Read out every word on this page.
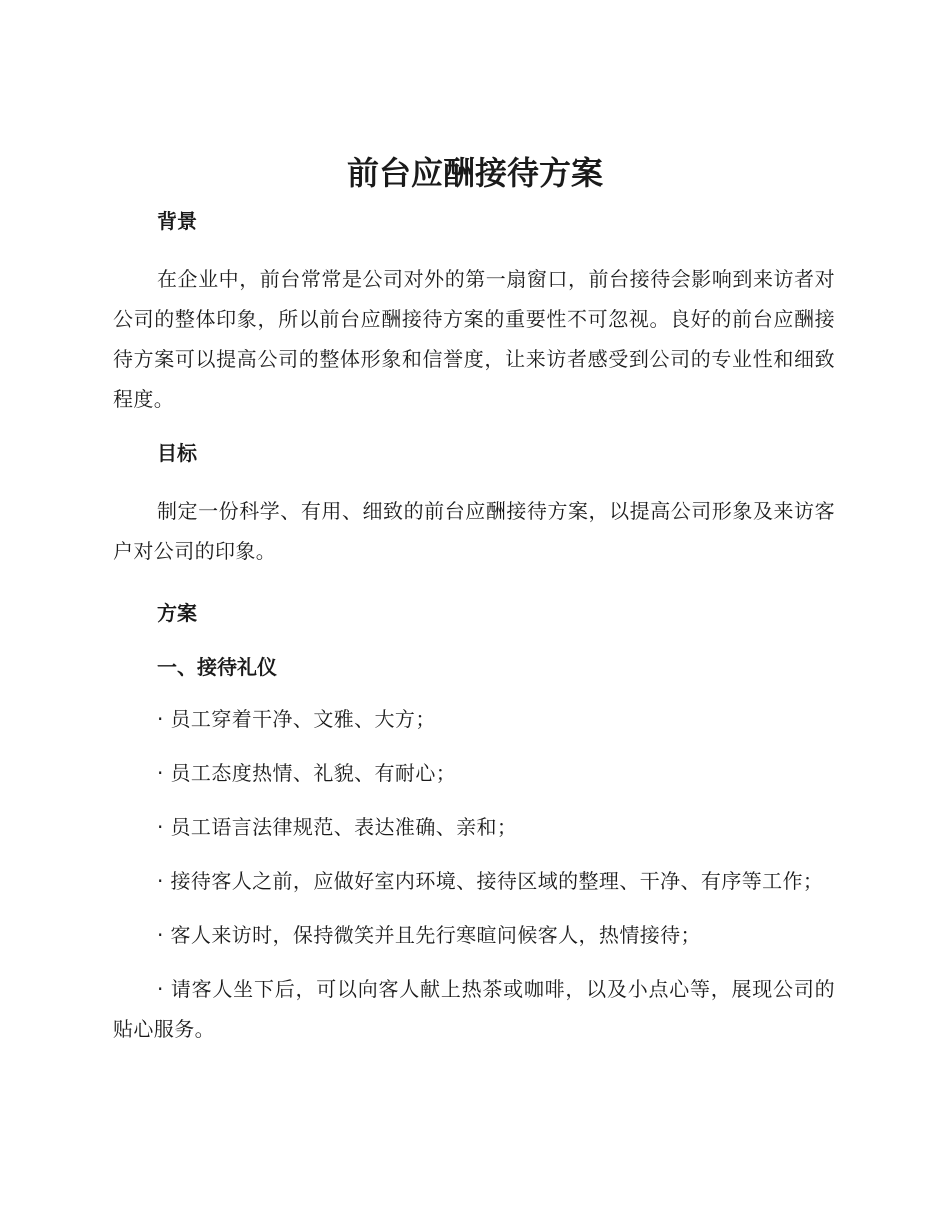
前台应酬接待方案
背景

在企业中，前台常常是公司对外的第一扇窗口，前台接待会影响到来访者对公司的整体印象，所以前台应酬接待方案的重要性不可忽视。良好的前台应酬接待方案可以提高公司的整体形象和信誉度，让来访者感受到公司的专业性和细致程度。

目标

制定一份科学、有用、细致的前台应酬接待方案，以提高公司形象及来访客户对公司的印象。

方案
一、接待礼仪

· 员工穿着干净、文雅、大方；

· 员工态度热情、礼貌、有耐心；

· 员工语言法律规范、表达准确、亲和；

· 接待客人之前，应做好室内环境、接待区域的整理、干净、有序等工作；

· 客人来访时，保持微笑并且先行寒暄问候客人，热情接待；

· 请客人坐下后，可以向客人献上热茶或咖啡，以及小点心等，展现公司的贴心服务。
